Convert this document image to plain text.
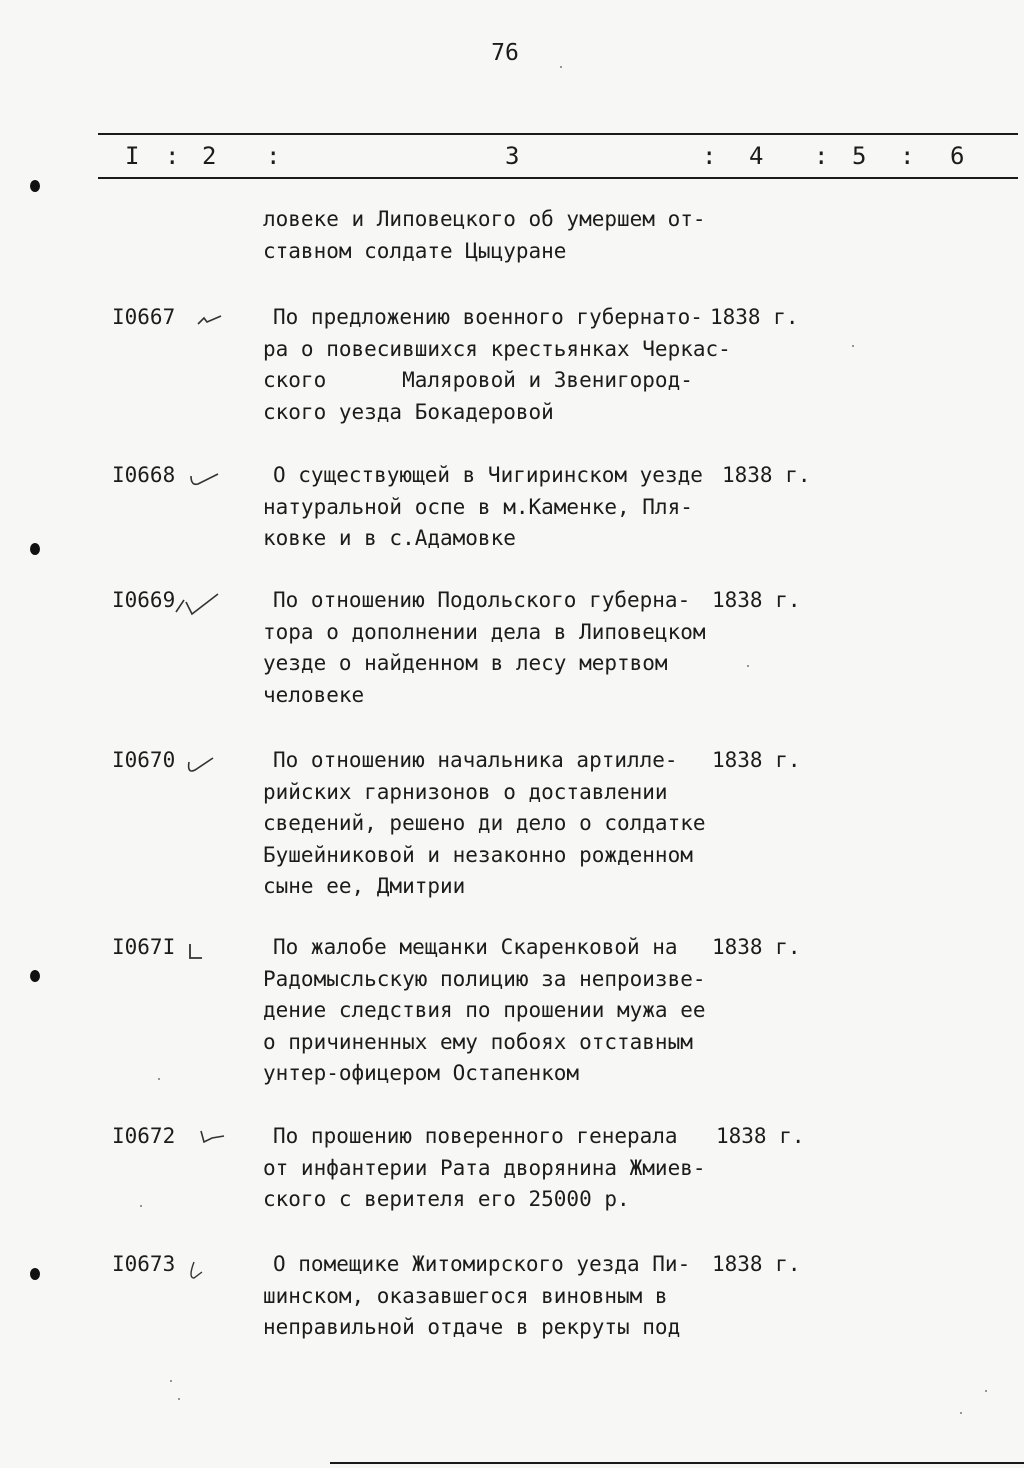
76
I : 2 :	3	: 4 : 5 : 6
ловеке и Липовецкого об умершем от-
ставном солдате Цыцуране
I0667	По предложению военного губернато-
ра о повесившихся крестьянках Черкас-
ского      Маляровой и Звенигород-
ского уезда Бокадеровой
1838 г.
I0668	О существующей в Чигиринском уезде
натуральной оспе в м.Каменке, Пля-
ковке и в с.Адамовке
1838 г.
I0669	По отношению Подольского губерна-
тора о дополнении дела в Липовецком
уезде о найденном в лесу мертвом
человеке
1838 г.
I0670	По отношению начальника артилле-
рийских гарнизонов о доставлении
сведений, решено ди дело о солдатке
Бушейниковой и незаконно рожденном
сыне ее, Дмитрии
1838 г.
I067I	По жалобе мещанки Скаренковой на
Радомысльскую полицию за непроизве-
дение следствия по прошении мужа ее
о причиненных ему побоях отставным
унтер-офицером Остапенком
1838 г.
I0672	По прошению поверенного генерала
от инфантерии Рата дворянина Жмиев-
ского с верителя его 25000 р.
1838 г.
I0673	О помещике Житомирского уезда Пи-
шинском, оказавшегося виновным в
неправильной отдаче в рекруты под
1838 г.
